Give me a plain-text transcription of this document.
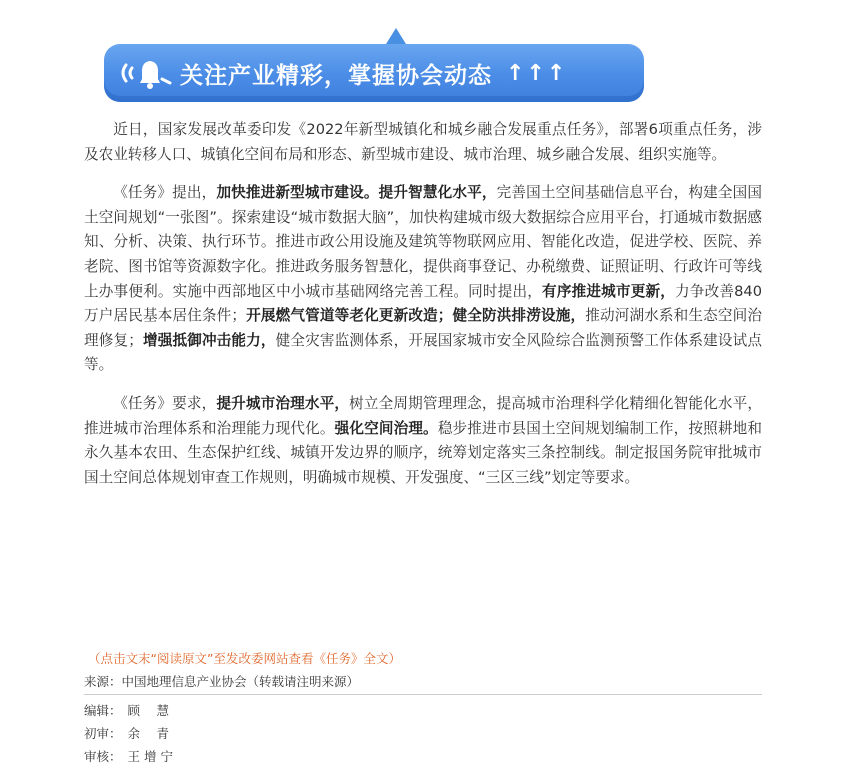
关注产业精彩，掌握协会动态 ↑↑↑

近日，国家发展改革委印发《2022年新型城镇化和城乡融合发展重点任务》，部署6项重点任务，涉及农业转移人口、城镇化空间布局和形态、新型城市建设、城市治理、城乡融合发展、组织实施等。

《任务》提出，加快推进新型城市建设。提升智慧化水平，完善国土空间基础信息平台，构建全国国土空间规划“一张图”。探索建设“城市数据大脑”，加快构建城市级大数据综合应用平台，打通城市数据感知、分析、决策、执行环节。推进市政公用设施及建筑等物联网应用、智能化改造，促进学校、医院、养老院、图书馆等资源数字化。推进政务服务智慧化，提供商事登记、办税缴费、证照证明、行政许可等线上办事便利。实施中西部地区中小城市基础网络完善工程。同时提出，有序推进城市更新，力争改善840万户居民基本居住条件；开展燃气管道等老化更新改造；健全防洪排涝设施，推动河湖水系和生态空间治理修复；增强抵御冲击能力，健全灾害监测体系，开展国家城市安全风险综合监测预警工作体系建设试点等。

《任务》要求，提升城市治理水平，树立全周期管理理念，提高城市治理科学化精细化智能化水平，推进城市治理体系和治理能力现代化。强化空间治理。稳步推进市县国土空间规划编制工作，按照耕地和永久基本农田、生态保护红线、城镇开发边界的顺序，统筹划定落实三条控制线。制定报国务院审批城市国土空间总体规划审查工作规则，明确城市规模、开发强度、“三区三线”划定等要求。

（点击文末“阅读原文”至发改委网站查看《任务》全文）
来源：中国地理信息产业协会（转载请注明来源）
编辑： 顾　 慧
初审： 余　 青
审核： 王 增 宁
